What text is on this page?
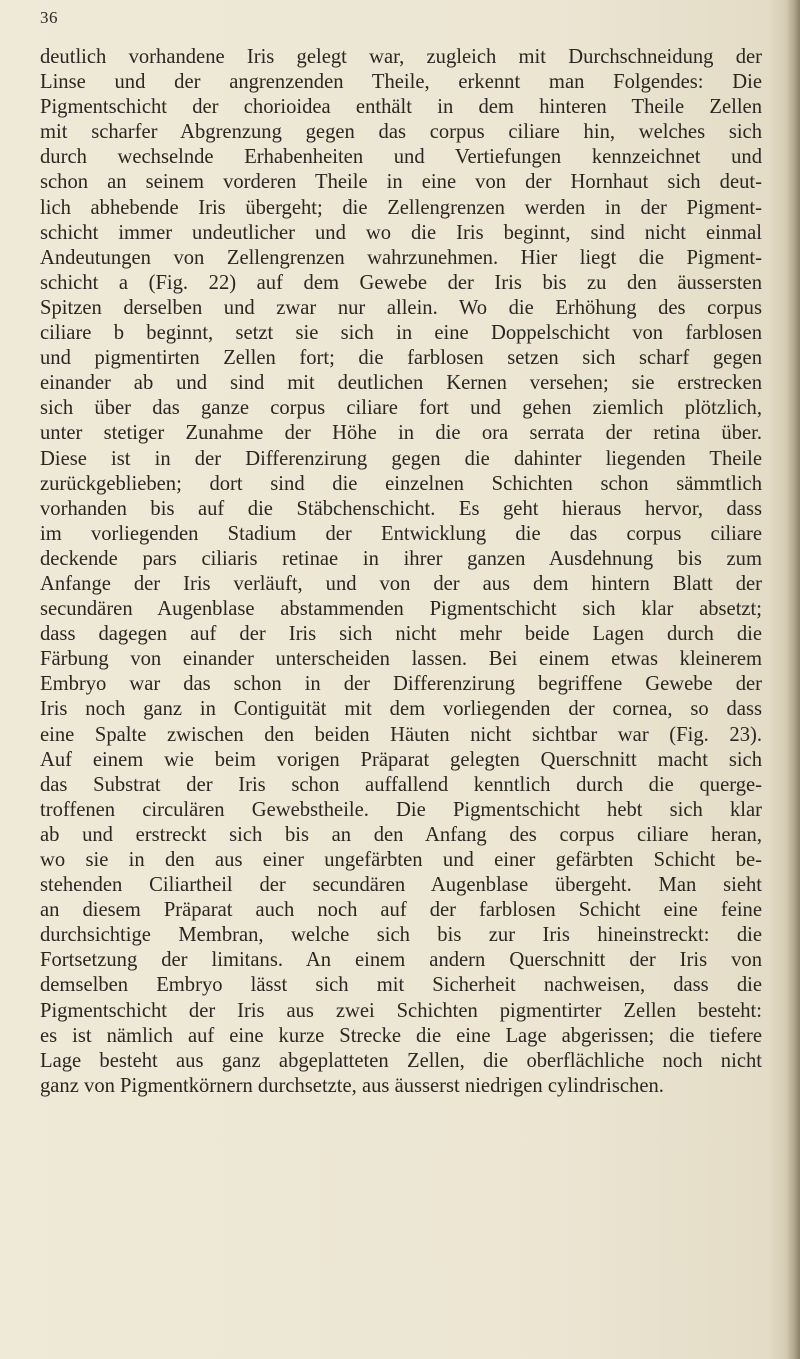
36
deutlich vorhandene Iris gelegt war, zugleich mit Durchschneidung der
Linse und der angrenzenden Theile, erkennt man Folgendes: Die
Pigmentschicht der chorioidea enthält in dem hinteren Theile Zellen
mit scharfer Abgrenzung gegen das corpus ciliare hin, welches sich
durch wechselnde Erhabenheiten und Vertiefungen kennzeichnet und
schon an seinem vorderen Theile in eine von der Hornhaut sich deut-
lich abhebende Iris übergeht; die Zellengrenzen werden in der Pigment-
schicht immer undeutlicher und wo die Iris beginnt, sind nicht einmal
Andeutungen von Zellengrenzen wahrzunehmen. Hier liegt die Pigment-
schicht a (Fig. 22) auf dem Gewebe der Iris bis zu den äussersten
Spitzen derselben und zwar nur allein. Wo die Erhöhung des corpus
ciliare b beginnt, setzt sie sich in eine Doppelschicht von farblosen
und pigmentirten Zellen fort; die farblosen setzen sich scharf gegen
einander ab und sind mit deutlichen Kernen versehen; sie erstrecken
sich über das ganze corpus ciliare fort und gehen ziemlich plötzlich,
unter stetiger Zunahme der Höhe in die ora serrata der retina über.
Diese ist in der Differenzirung gegen die dahinter liegenden Theile
zurückgeblieben; dort sind die einzelnen Schichten schon sämmtlich
vorhanden bis auf die Stäbchenschicht. Es geht hieraus hervor, dass
im vorliegenden Stadium der Entwicklung die das corpus ciliare
deckende pars ciliaris retinae in ihrer ganzen Ausdehnung bis zum
Anfange der Iris verläuft, und von der aus dem hintern Blatt der
secundären Augenblase abstammenden Pigmentschicht sich klar absetzt;
dass dagegen auf der Iris sich nicht mehr beide Lagen durch die
Färbung von einander unterscheiden lassen. Bei einem etwas kleinerem
Embryo war das schon in der Differenzirung begriffene Gewebe der
Iris noch ganz in Contiguität mit dem vorliegenden der cornea, so dass
eine Spalte zwischen den beiden Häuten nicht sichtbar war (Fig. 23).
Auf einem wie beim vorigen Präparat gelegten Querschnitt macht sich
das Substrat der Iris schon auffallend kenntlich durch die querge-
troffenen circulären Gewebstheile. Die Pigmentschicht hebt sich klar
ab und erstreckt sich bis an den Anfang des corpus ciliare heran,
wo sie in den aus einer ungefärbten und einer gefärbten Schicht be-
stehenden Ciliartheil der secundären Augenblase übergeht. Man sieht
an diesem Präparat auch noch auf der farblosen Schicht eine feine
durchsichtige Membran, welche sich bis zur Iris hineinstreckt: die
Fortsetzung der limitans. An einem andern Querschnitt der Iris von
demselben Embryo lässt sich mit Sicherheit nachweisen, dass die
Pigmentschicht der Iris aus zwei Schichten pigmentirter Zellen besteht:
es ist nämlich auf eine kurze Strecke die eine Lage abgerissen; die tiefere
Lage besteht aus ganz abgeplatteten Zellen, die oberflächliche noch nicht
ganz von Pigmentkörnern durchsetzte, aus äusserst niedrigen cylindrischen.
